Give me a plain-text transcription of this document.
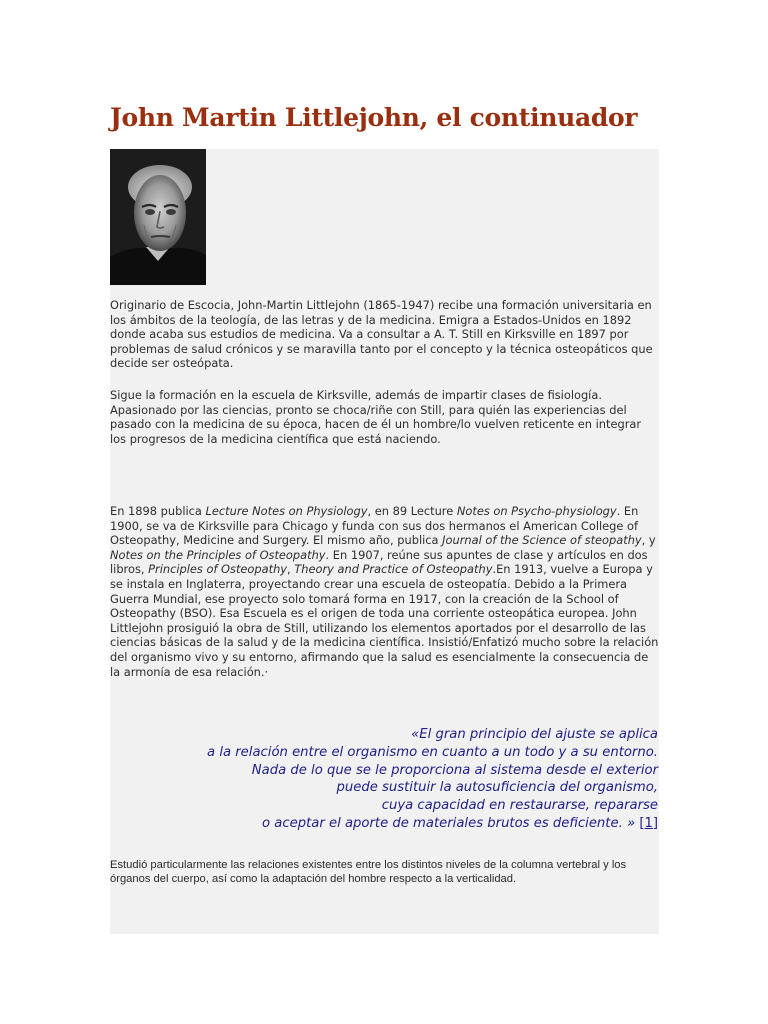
John Martin Littlejohn, el continuador

Originario de Escocia, John-Martin Littlejohn (1865-1947) recibe una formación universitaria en los ámbitos de la teología, de las letras y de la medicina. Emigra a Estados-Unidos en 1892 donde acaba sus estudios de medicina. Va a consultar a A. T. Still en Kirksville en 1897 por problemas de salud crónicos y se maravilla tanto por el concepto y la técnica osteopáticos que decide ser osteópata.

Sigue la formación en la escuela de Kirksville, además de impartir clases de fisiología. Apasionado por las ciencias, pronto se choca/riñe con Still, para quién las experiencias del pasado con la medicina de su época, hacen de él un hombre/lo vuelven reticente en integrar los progresos de la medicina científica que está naciendo.

En 1898 publica Lecture Notes on Physiology, en 89 Lecture Notes on Psycho-physiology. En 1900, se va de Kirksville para Chicago y funda con sus dos hermanos el American College of Osteopathy, Medicine and Surgery. El mismo año, publica Journal of the Science of steopathy, y Notes on the Principles of Osteopathy. En 1907, reúne sus apuntes de clase y artículos en dos libros, Principles of Osteopathy, Theory and Practice of Osteopathy.En 1913, vuelve a Europa y se instala en Inglaterra, proyectando crear una escuela de osteopatía. Debido a la Primera Guerra Mundial, ese proyecto solo tomará forma en 1917, con la creación de la School of Osteopathy (BSO). Esa Escuela es el origen de toda una corriente osteopática europea. John Littlejohn prosiguió la obra de Still, utilizando los elementos aportados por el desarrollo de las ciencias básicas de la salud y de la medicina científica. Insistió/Enfatizó mucho sobre la relación del organismo vivo y su entorno, afirmando que la salud es esencialmente la consecuencia de la armonía de esa relación.·

«El gran principio del ajuste se aplica
a la relación entre el organismo en cuanto a un todo y a su entorno.
Nada de lo que se le proporciona al sistema desde el exterior
puede sustituir la autosuficiencia del organismo,
cuya capacidad en restaurarse, repararse
o aceptar el aporte de materiales brutos es deficiente. » [1]

Estudió particularmente las relaciones existentes entre los distintos niveles de la columna vertebral y los órganos del cuerpo, así como la adaptación del hombre respecto a la verticalidad.
